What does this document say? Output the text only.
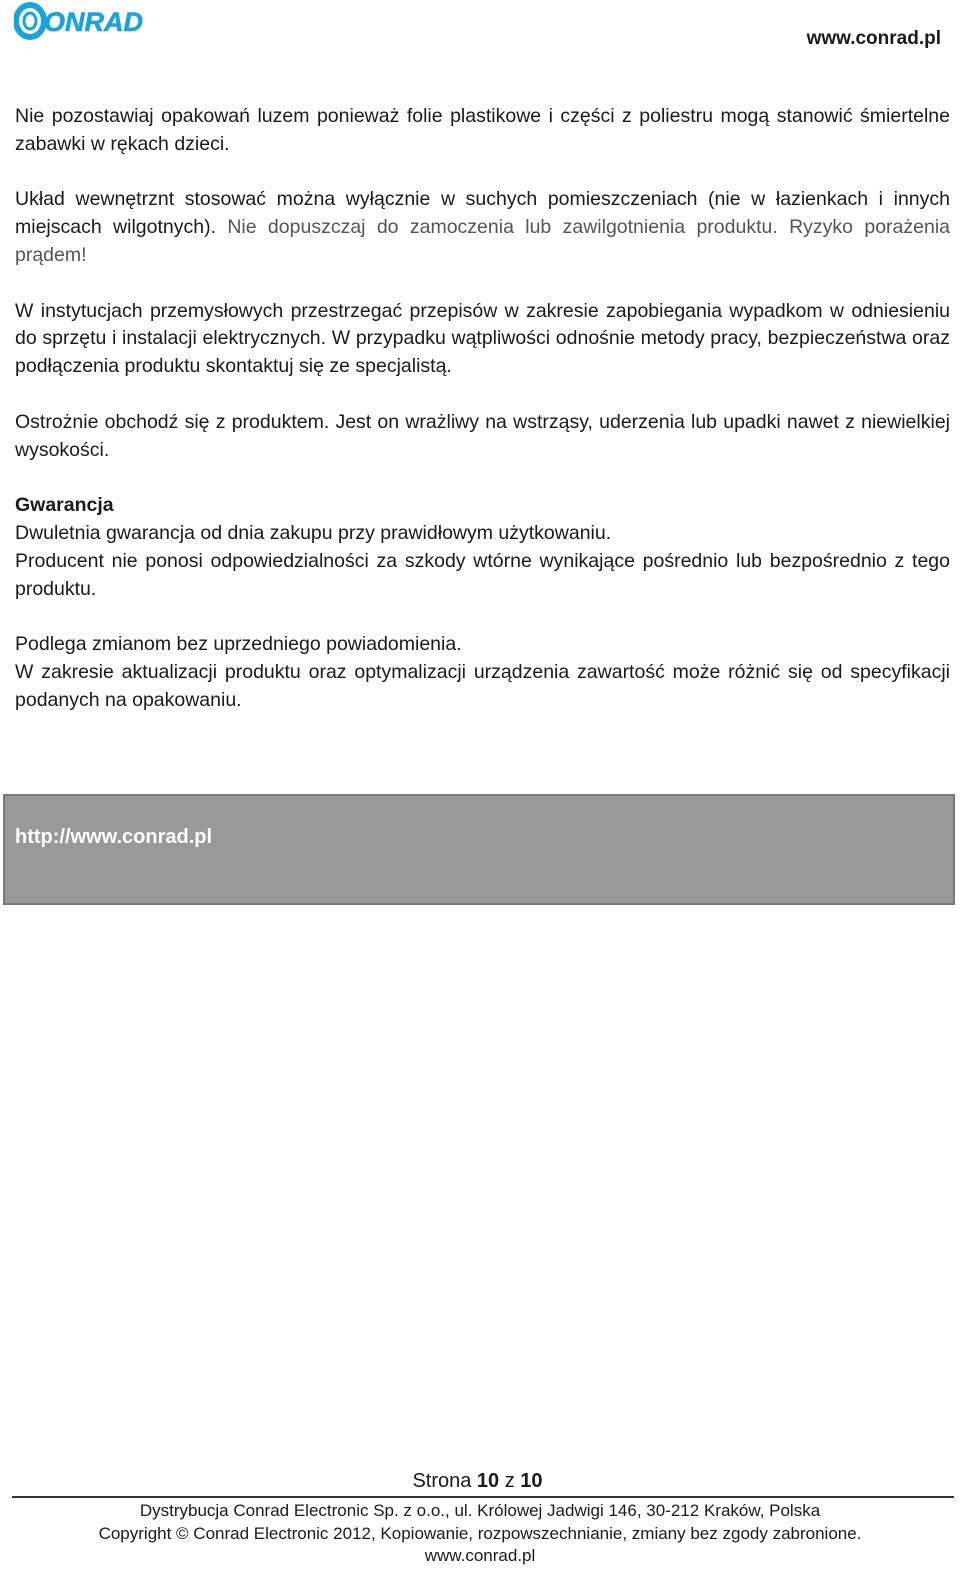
ONRAD
www.conrad.pl

Nie pozostawiaj opakowań luzem ponieważ folie plastikowe i części z poliestru mogą stanowić śmiertelne zabawki w rękach dzieci.

Układ wewnętrznt stosować można wyłącznie w suchych pomieszczeniach (nie w łazienkach i innych miejscach wilgotnych). Nie dopuszczaj do zamoczenia lub zawilgotnienia produktu. Ryzyko porażenia prądem!

W instytucjach przemysłowych przestrzegać przepisów w zakresie zapobiegania wypadkom w odniesieniu do sprzętu i instalacji elektrycznych. W przypadku wątpliwości odnośnie metody pracy, bezpieczeństwa oraz podłączenia produktu skontaktuj się ze specjalistą.

Ostrożnie obchodź się z produktem. Jest on wrażliwy na wstrząsy, uderzenia lub upadki nawet z niewielkiej wysokości.

Gwarancja
Dwuletnia gwarancja od dnia zakupu przy prawidłowym użytkowaniu.
Producent nie ponosi odpowiedzialności za szkody wtórne wynikające pośrednio lub bezpośrednio z tego produktu.

Podlega zmianom bez uprzedniego powiadomienia.
W zakresie aktualizacji produktu oraz optymalizacji urządzenia zawartość może różnić się od specyfikacji podanych na opakowaniu.

http://www.conrad.pl
Strona 10 z 10
Dystrybucja Conrad Electronic Sp. z o.o., ul. Królowej Jadwigi 146, 30-212 Kraków, Polska
Copyright © Conrad Electronic 2012, Kopiowanie, rozpowszechnianie, zmiany bez zgody zabronione.
www.conrad.pl
